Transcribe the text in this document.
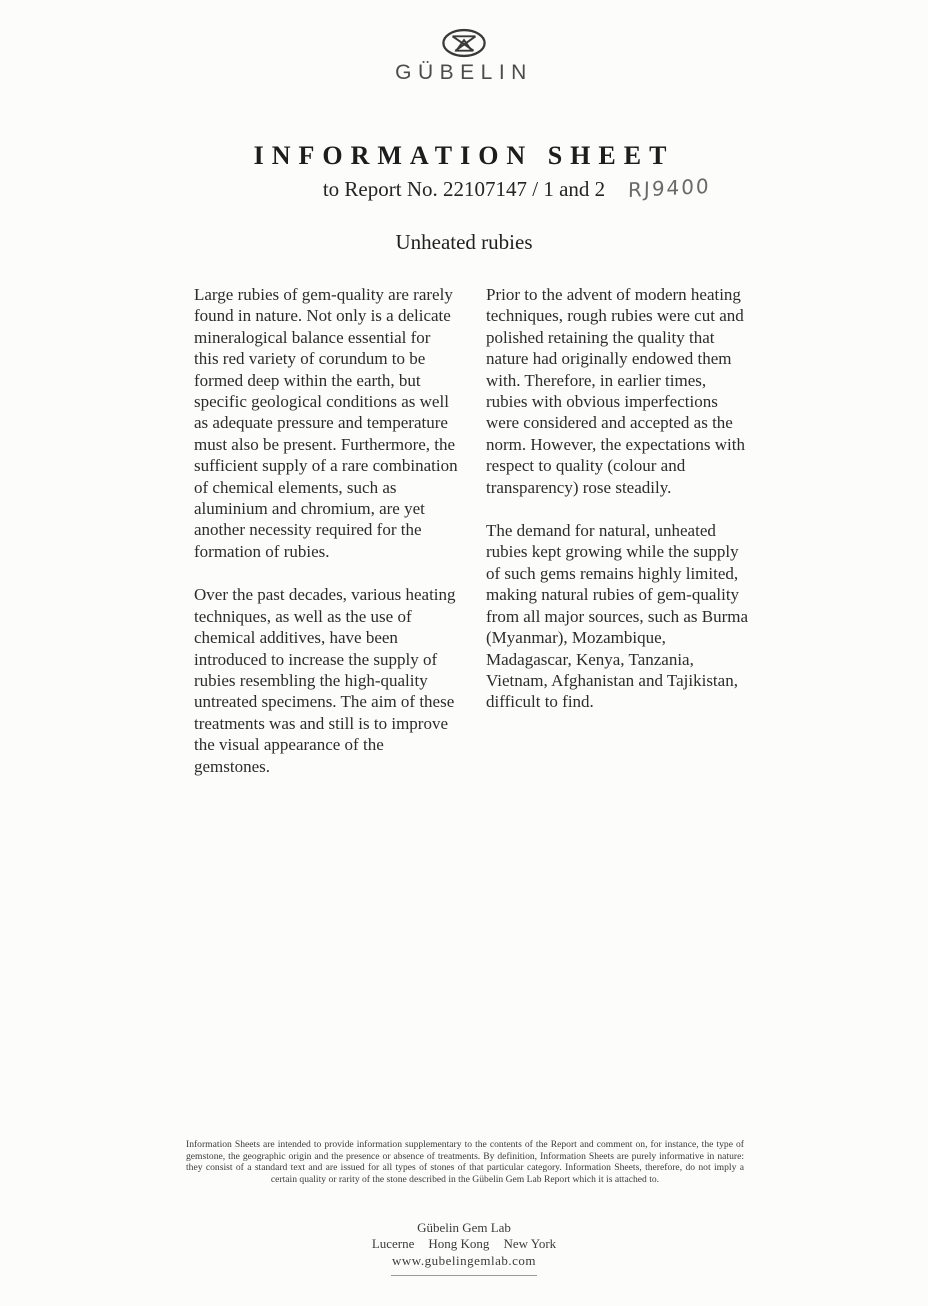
GÜBELIN
INFORMATION SHEET
to Report No. 22107147 / 1 and 2	RJ9400
Unheated rubies

Large rubies of gem-quality are rarely found in nature. Not only is a delicate mineralogical balance essential for this red variety of corundum to be formed deep within the earth, but specific geological conditions as well as adequate pressure and temperature must also be present. Furthermore, the sufficient supply of a rare combination of chemical elements, such as aluminium and chromium, are yet another necessity required for the formation of rubies.

Over the past decades, various heating techniques, as well as the use of chemical additives, have been introduced to increase the supply of rubies resembling the high-quality untreated specimens. The aim of these treatments was and still is to improve the visual appearance of the gemstones.

Prior to the advent of modern heating techniques, rough rubies were cut and polished retaining the quality that nature had originally endowed them with. Therefore, in earlier times, rubies with obvious imperfections were considered and accepted as the norm. However, the expectations with respect to quality (colour and transparency) rose steadily.

The demand for natural, unheated rubies kept growing while the supply of such gems remains highly limited, making natural rubies of gem-quality from all major sources, such as Burma (Myanmar), Mozambique, Madagascar, Kenya, Tanzania, Vietnam, Afghanistan and Tajikistan, difficult to find.

Information Sheets are intended to provide information supplementary to the contents of the Report and comment on, for instance, the type of gemstone, the geographic origin and the presence or absence of treatments. By definition, Information Sheets are purely informative in nature: they consist of a standard text and are issued for all types of stones of that particular category. Information Sheets, therefore, do not imply a certain quality or rarity of the stone described in the Gübelin Gem Lab Report which it is attached to.
Gübelin Gem Lab
Lucerne Hong Kong New York
www.gubelingemlab.com
